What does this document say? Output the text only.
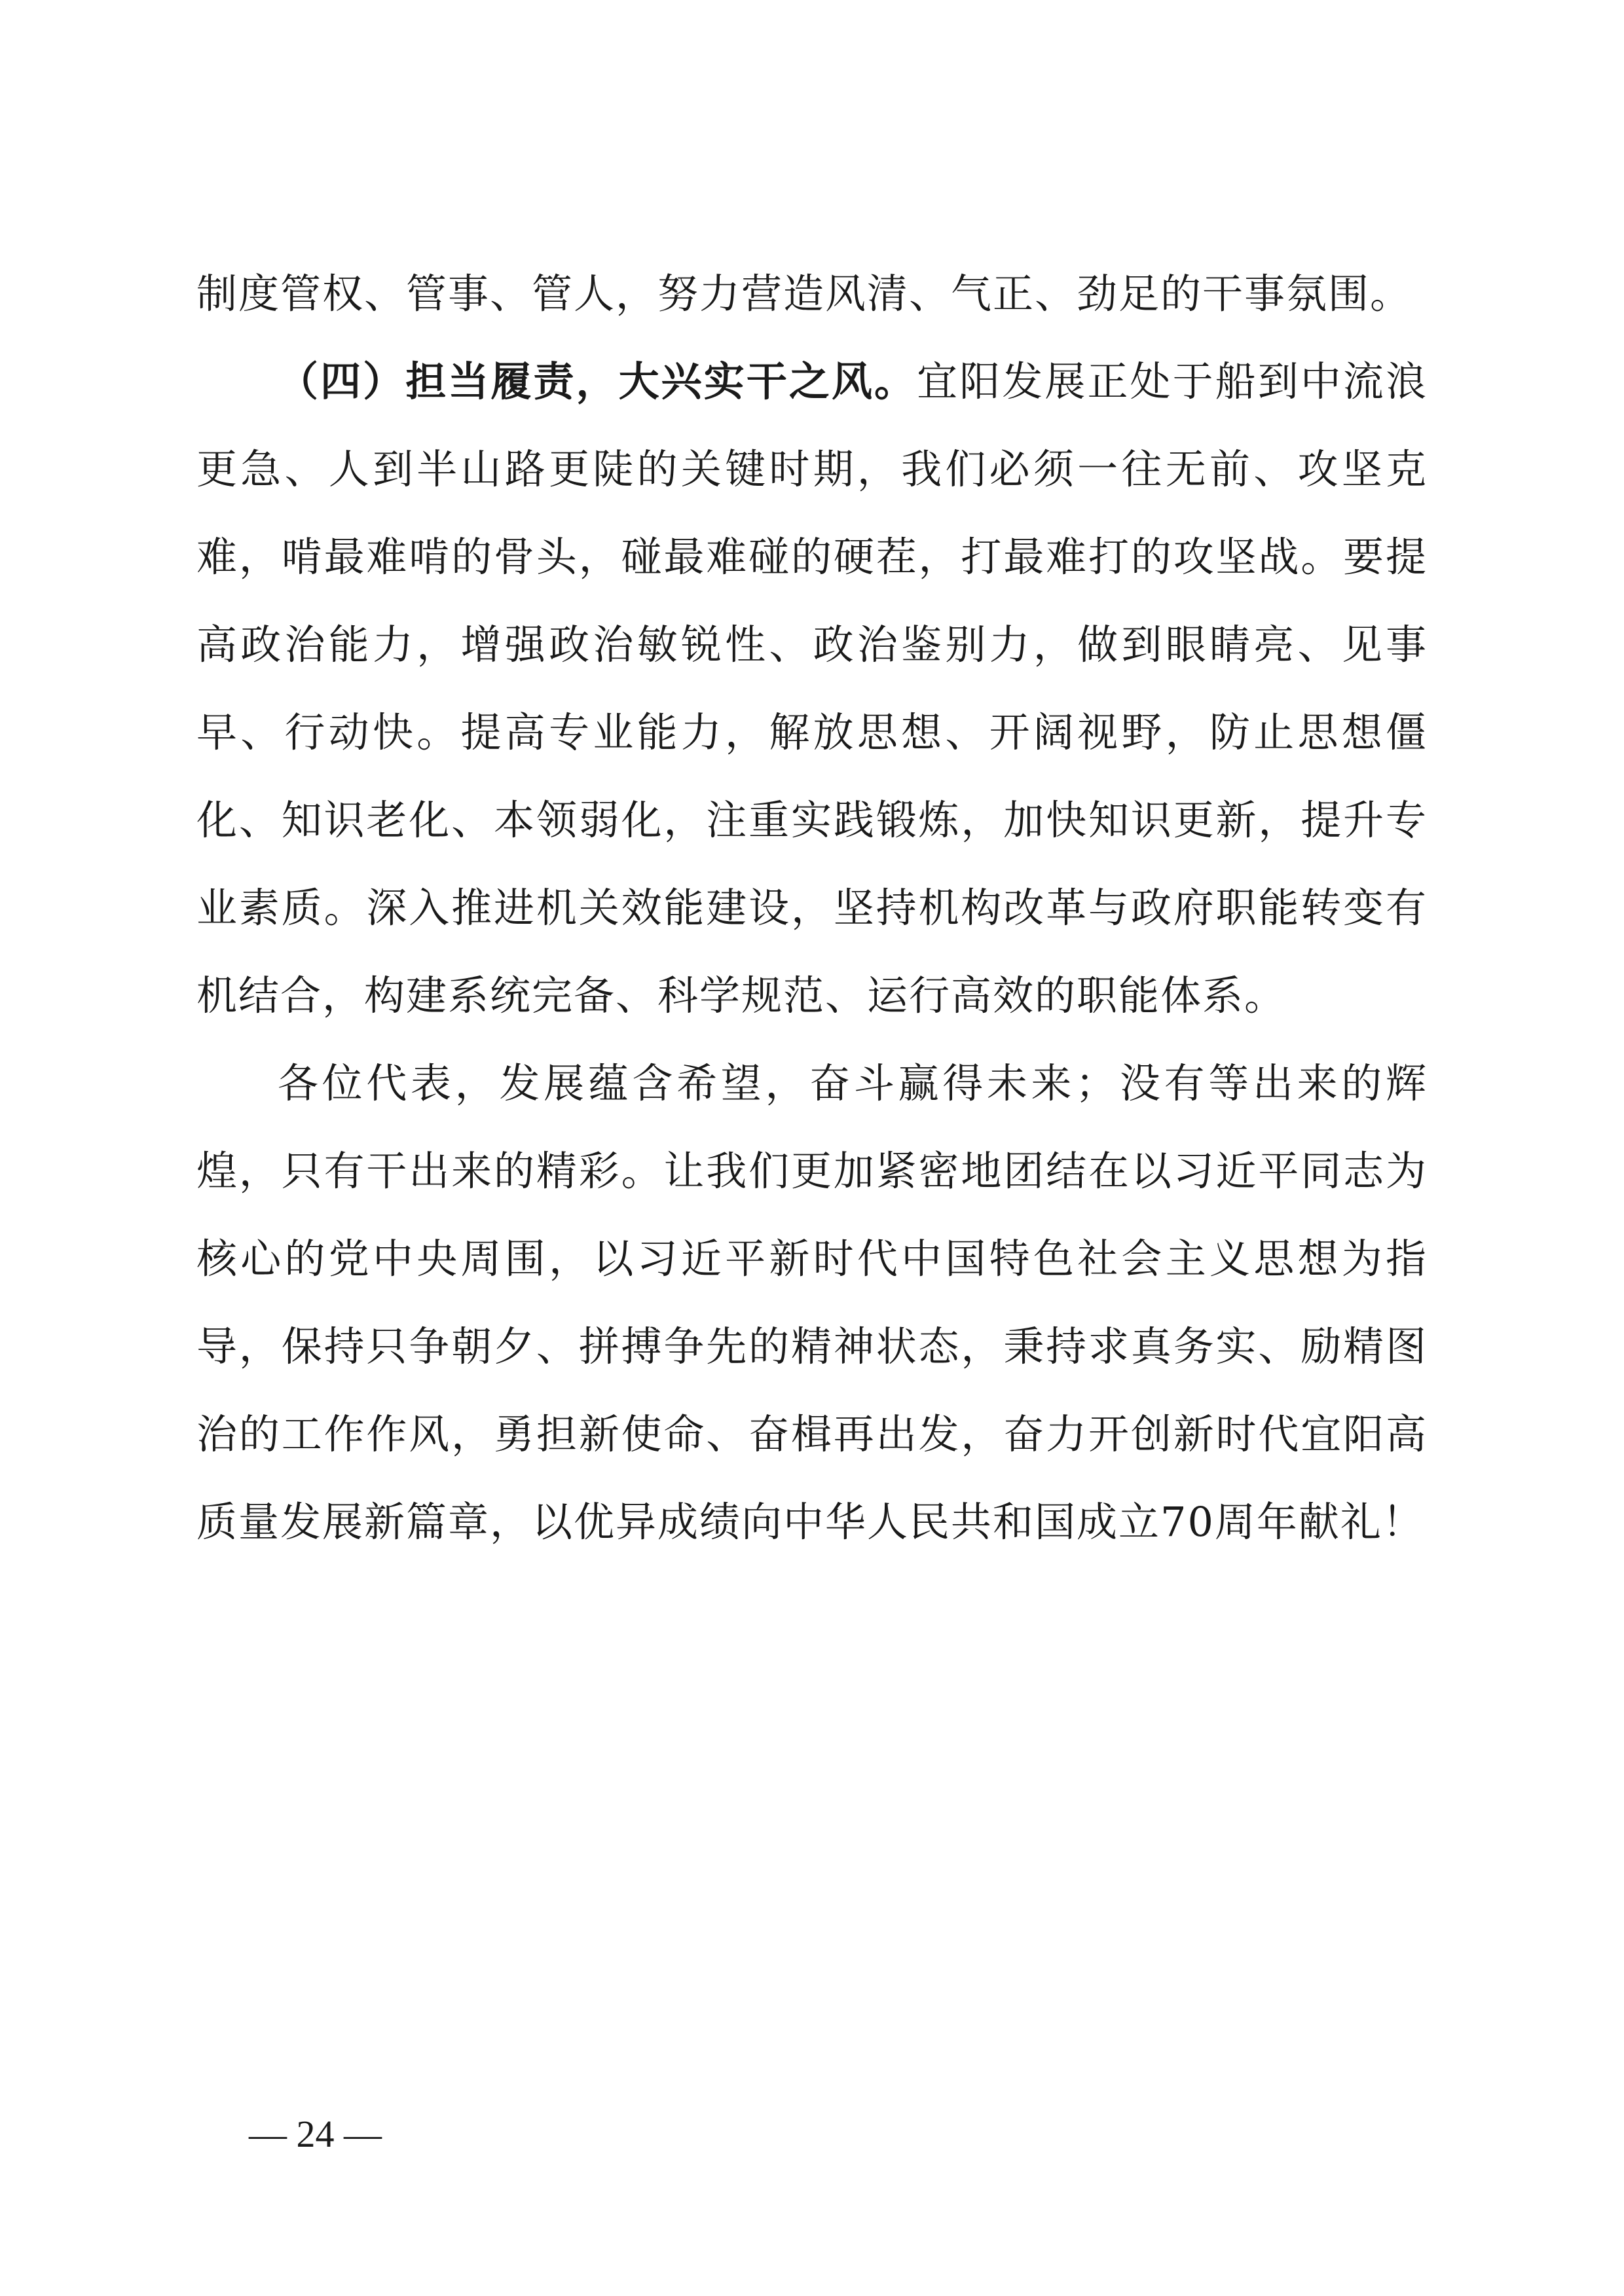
制度管权、管事、管人，努力营造风清、气正、劲足的干事氛围。

（四）担当履责，大兴实干之风。宜阳发展正处于船到中流浪更急、人到半山路更陡的关键时期，我们必须一往无前、攻坚克难，啃最难啃的骨头，碰最难碰的硬茬，打最难打的攻坚战。要提高政治能力，增强政治敏锐性、政治鉴别力，做到眼睛亮、见事早、行动快。提高专业能力，解放思想、开阔视野，防止思想僵化、知识老化、本领弱化，注重实践锻炼，加快知识更新，提升专业素质。深入推进机关效能建设，坚持机构改革与政府职能转变有机结合，构建系统完备、科学规范、运行高效的职能体系。

各位代表，发展蕴含希望，奋斗赢得未来；没有等出来的辉煌，只有干出来的精彩。让我们更加紧密地团结在以习近平同志为核心的党中央周围，以习近平新时代中国特色社会主义思想为指导，保持只争朝夕、拼搏争先的精神状态，秉持求真务实、励精图治的工作作风，勇担新使命、奋楫再出发，奋力开创新时代宜阳高质量发展新篇章，以优异成绩向中华人民共和国成立70周年献礼！

— 24 —
